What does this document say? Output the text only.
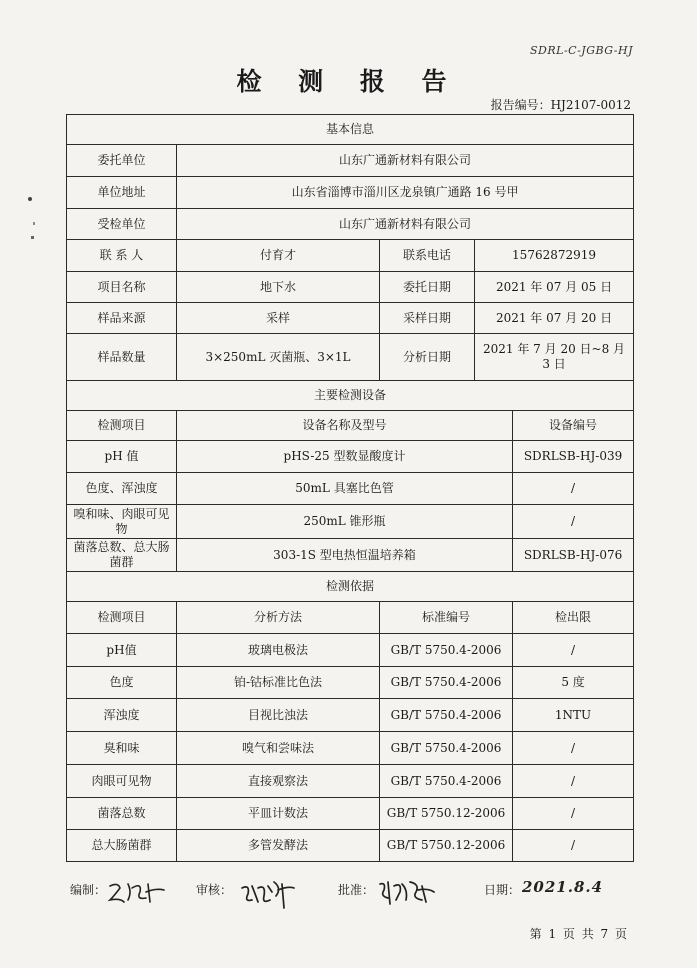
SDRL-C-JGBG-HJ
检 测 报 告
报告编号：HJ2107-0012
基本信息				
委托单位	山东广通新材料有限公司			
单位地址	山东省淄博市淄川区龙泉镇广通路 16 号甲			
受检单位	山东广通新材料有限公司			
联 系 人	付育才	联系电话	15762872919	
项目名称	地下水	委托日期	2021 年 07 月 05 日	
样品来源	采样	采样日期	2021 年 07 月 20 日	
样品数量	3×250mL 灭菌瓶、3×1L	分析日期	2021 年 7 月 20 日~8 月 3 日	
主要检测设备				
检测项目	设备名称及型号			设备编号
pH 值	pHS-25 型数显酸度计			SDRLSB-HJ-039
色度、浑浊度	50mL 具塞比色管			/
嗅和味、肉眼可见物	250mL 锥形瓶			/
菌落总数、总大肠菌群	303-1S 型电热恒温培养箱			SDRLSB-HJ-076
检测依据				
检测项目	分析方法	标准编号		检出限
pH值	玻璃电极法	GB/T 5750.4-2006		/
色度	铂-钴标准比色法	GB/T 5750.4-2006		5 度
浑浊度	目视比浊法	GB/T 5750.4-2006		1NTU
臭和味	嗅气和尝味法	GB/T 5750.4-2006		/
肉眼可见物	直接观察法	GB/T 5750.4-2006		/
菌落总数	平皿计数法	GB/T 5750.12-2006		/
总大肠菌群	多管发酵法	GB/T 5750.12-2006		/
编制：	审核：	批准：	日期： 2021.8.4
第 1 页 共 7 页
